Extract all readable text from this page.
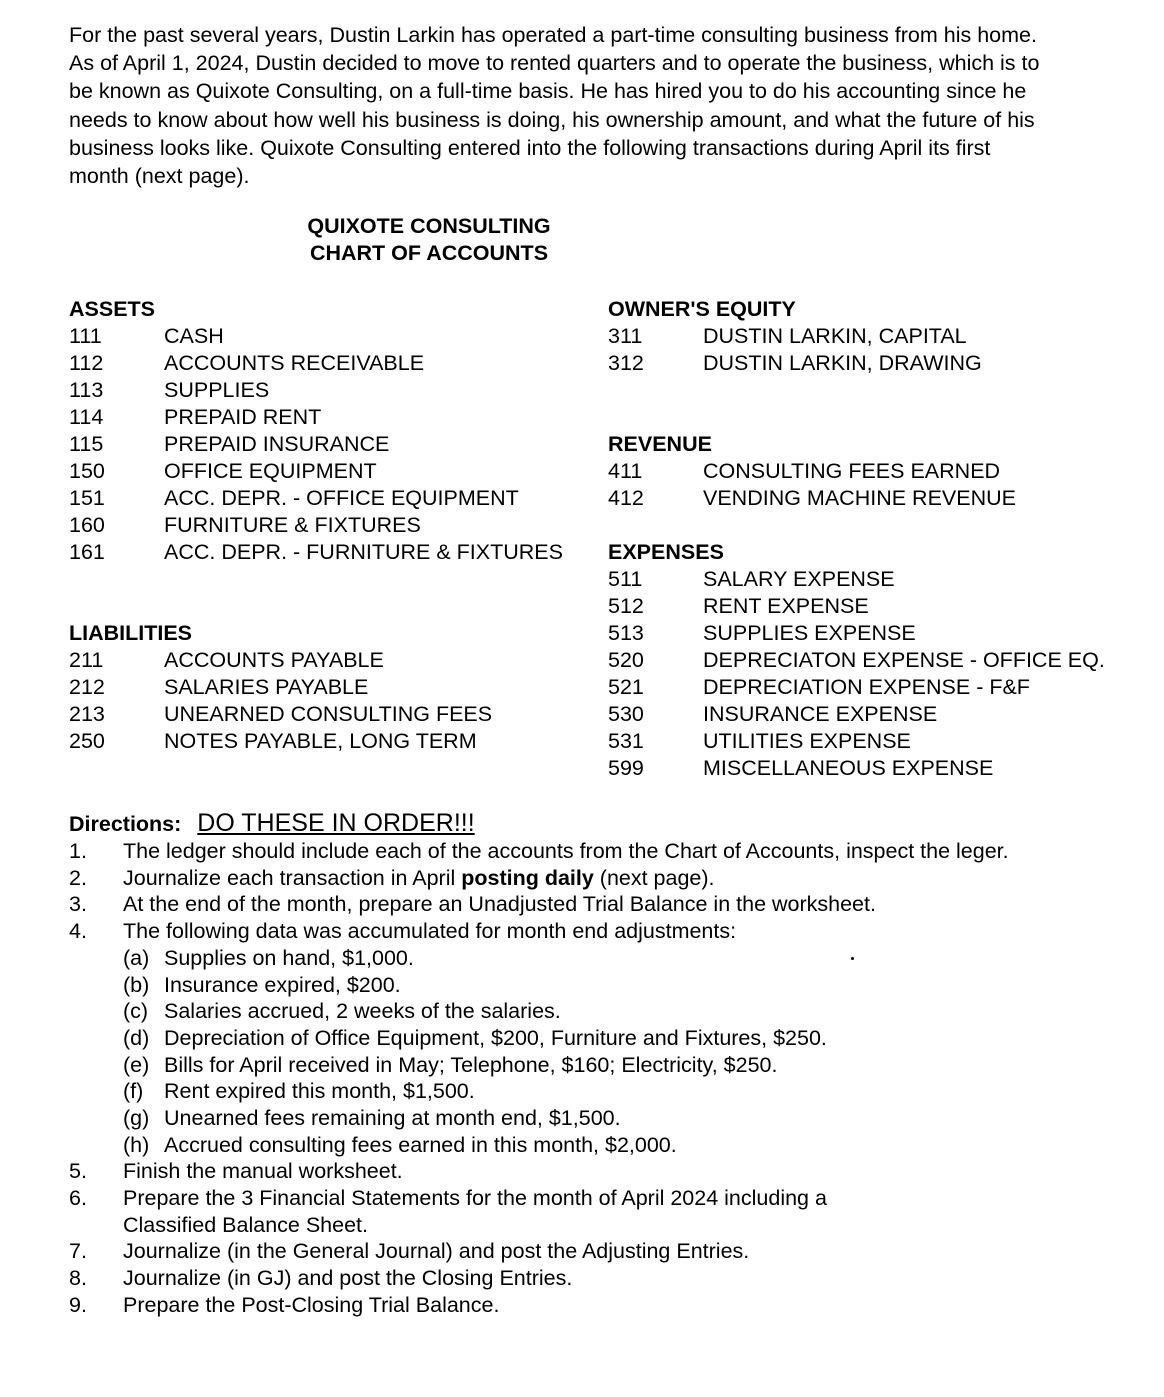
For the past several years, Dustin Larkin has operated a part-time consulting business from his home.

As of April 1, 2024, Dustin decided to move to rented quarters and to operate the business, which is to

be known as Quixote Consulting, on a full-time basis. He has hired you to do his accounting since he

needs to know about how well his business is doing, his ownership amount, and what the future of his

business looks like. Quixote Consulting entered into the following transactions during April its first

month (next page).

QUIXOTE CONSULTING
CHART OF ACCOUNTS
ASSETS
111	CASH
112	ACCOUNTS RECEIVABLE
113	SUPPLIES
114	PREPAID RENT
115	PREPAID INSURANCE
150	OFFICE EQUIPMENT
151	ACC. DEPR. - OFFICE EQUIPMENT
160	FURNITURE & FIXTURES
161	ACC. DEPR. - FURNITURE & FIXTURES
LIABILITIES
211	ACCOUNTS PAYABLE
212	SALARIES PAYABLE
213	UNEARNED CONSULTING FEES
250	NOTES PAYABLE, LONG TERM
OWNER'S EQUITY
311	DUSTIN LARKIN, CAPITAL
312	DUSTIN LARKIN, DRAWING
REVENUE
411	CONSULTING FEES EARNED
412	VENDING MACHINE REVENUE
EXPENSES
511	SALARY EXPENSE
512	RENT EXPENSE
513	SUPPLIES EXPENSE
520	DEPRECIATON EXPENSE - OFFICE EQ.
521	DEPRECIATION EXPENSE - F&F
530	INSURANCE EXPENSE
531	UTILITIES EXPENSE
599	MISCELLANEOUS EXPENSE
Directions: DO THESE IN ORDER!!!
1. The ledger should include each of the accounts from the Chart of Accounts, inspect the leger.
2. Journalize each transaction in April posting daily (next page).
3. At the end of the month, prepare an Unadjusted Trial Balance in the worksheet.
4. The following data was accumulated for month end adjustments:
(a) Supplies on hand, $1,000.
(b) Insurance expired, $200.
(c) Salaries accrued, 2 weeks of the salaries.
(d) Depreciation of Office Equipment, $200, Furniture and Fixtures, $250.
(e) Bills for April received in May; Telephone, $160; Electricity, $250.
(f) Rent expired this month, $1,500.
(g) Unearned fees remaining at month end, $1,500.
(h) Accrued consulting fees earned in this month, $2,000.
5. Finish the manual worksheet.
6. Prepare the 3 Financial Statements for the month of April 2024 including a
Classified Balance Sheet.
7. Journalize (in the General Journal) and post the Adjusting Entries.
8. Journalize (in GJ) and post the Closing Entries.
9. Prepare the Post-Closing Trial Balance.
